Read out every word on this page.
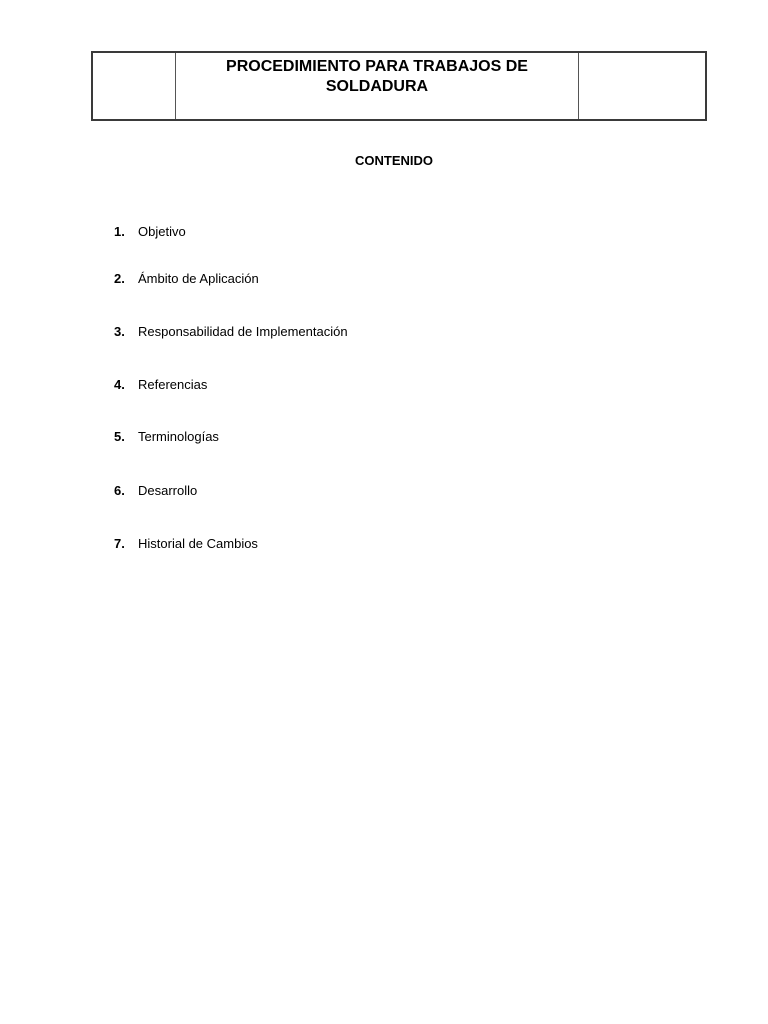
PROCEDIMIENTO PARA TRABAJOS DE
SOLDADURA

CONTENIDO

1.	Objetivo
2.	Ámbito de Aplicación
3.	Responsabilidad de Implementación
4.	Referencias
5.	Terminologías
6.	Desarrollo
7.	Historial de Cambios
